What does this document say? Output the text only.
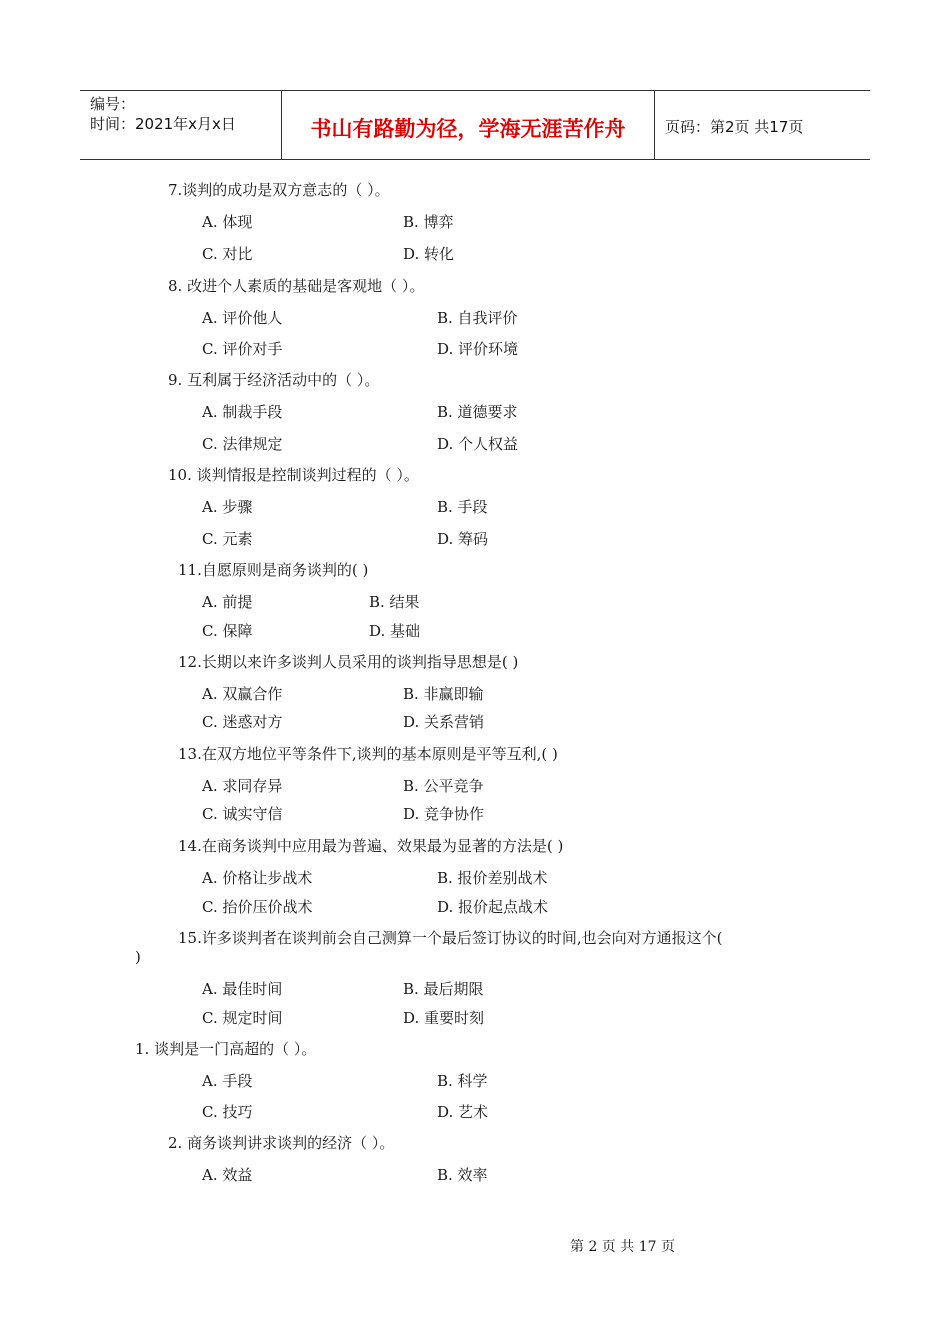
编号：
时间：2021年x月x日	书山有路勤为径，学海无涯苦作舟	页码：第2页 共17页
7.谈判的成功是双方意志的（ ）。
A. 体现	B. 博弈
C. 对比	D. 转化
8. 改进个人素质的基础是客观地（ ）。
A. 评价他人	B. 自我评价
C. 评价对手	D. 评价环境
9. 互利属于经济活动中的（ ）。
A. 制裁手段	B. 道德要求
C. 法律规定	D. 个人权益
10. 谈判情报是控制谈判过程的（ ）。
A. 步骤	B. 手段
C. 元素	D. 筹码
11.自愿原则是商务谈判的( )
A. 前提	B. 结果
C. 保障	D. 基础
12.长期以来许多谈判人员采用的谈判指导思想是( )
A. 双赢合作	B. 非赢即输
C. 迷惑对方	D. 关系营销
13.在双方地位平等条件下,谈判的基本原则是平等互利,( )
A. 求同存异	B. 公平竞争
C. 诚实守信	D. 竞争协作
14.在商务谈判中应用最为普遍、效果最为显著的方法是( )
A. 价格让步战术	B. 报价差别战术
C. 抬价压价战术	D. 报价起点战术
15.许多谈判者在谈判前会自己测算一个最后签订协议的时间,也会向对方通报这个(
)
A. 最佳时间	B. 最后期限
C. 规定时间	D. 重要时刻
1. 谈判是一门高超的（ ）。
A. 手段	B. 科学
C. 技巧	D. 艺术
2. 商务谈判讲求谈判的经济（ ）。
A. 效益	B. 效率
第 2 页 共 17 页
